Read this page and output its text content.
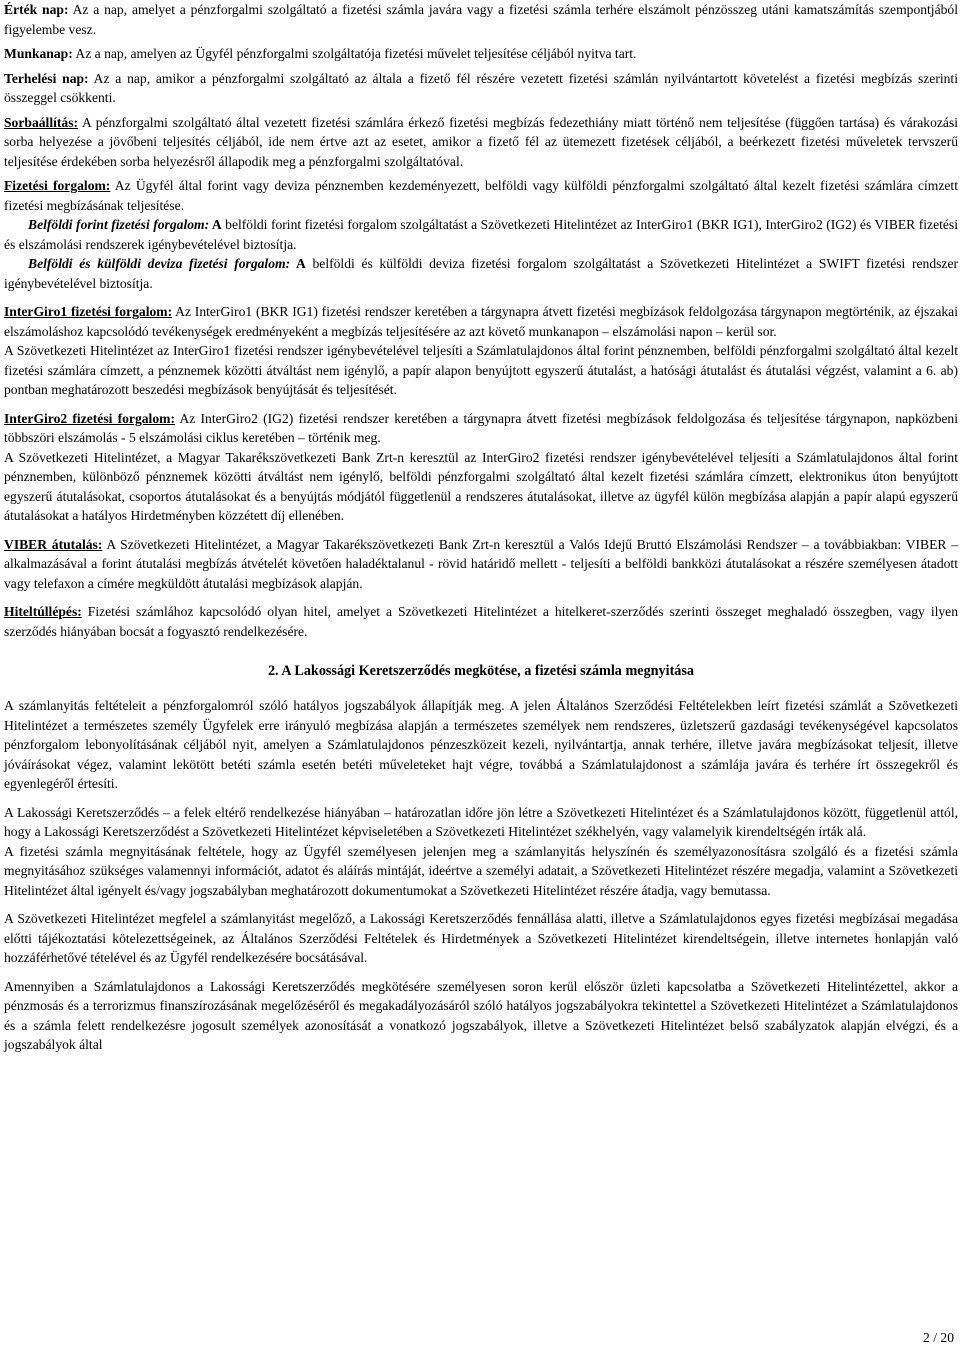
Érték nap: Az a nap, amelyet a pénzforgalmi szolgáltató a fizetési számla javára vagy a fizetési számla terhére elszámolt pénzösszeg utáni kamatszámítás szempontjából figyelembe vesz.

Munkanap: Az a nap, amelyen az Ügyfél pénzforgalmi szolgáltatója fizetési művelet teljesítése céljából nyitva tart.

Terhelési nap: Az a nap, amikor a pénzforgalmi szolgáltató az általa a fizető fél részére vezetett fizetési számlán nyilvántartott követelést a fizetési megbízás szerinti összeggel csökkenti.

Sorbaállítás: A pénzforgalmi szolgáltató által vezetett fizetési számlára érkező fizetési megbízás fedezethiány miatt történő nem teljesítése (függően tartása) és várakozási sorba helyezése a jövőbeni teljesítés céljából, ide nem értve azt az esetet, amikor a fizető fél az ütemezett fizetések céljából, a beérkezett fizetési műveletek tervszerű teljesítése érdekében sorba helyezésről állapodik meg a pénzforgalmi szolgáltatóval.

Fizetési forgalom: Az Ügyfél által forint vagy deviza pénznemben kezdeményezett, belföldi vagy külföldi pénzforgalmi szolgáltató által kezelt fizetési számlára címzett fizetési megbízásának teljesítése.

Belföldi forint fizetési forgalom: A belföldi forint fizetési forgalom szolgáltatást a Szövetkezeti Hitelintézet az InterGiro1 (BKR IG1), InterGiro2 (IG2) és VIBER fizetési és elszámolási rendszerek igénybevételével biztosítja.

Belföldi és külföldi deviza fizetési forgalom: A belföldi és külföldi deviza fizetési forgalom szolgáltatást a Szövetkezeti Hitelintézet a SWIFT fizetési rendszer igénybevételével biztosítja.

InterGiro1 fizetési forgalom: Az InterGiro1 (BKR IG1) fizetési rendszer keretében a tárgynapra átvett fizetési megbízások feldolgozása tárgynapon megtörténik, az éjszakai elszámoláshoz kapcsolódó tevékenységek eredményeként a megbízás teljesítésére az azt követő munkanapon – elszámolási napon – kerül sor.

A Szövetkezeti Hitelintézet az InterGiro1 fizetési rendszer igénybevételével teljesíti a Számlatulajdonos által forint pénznemben, belföldi pénzforgalmi szolgáltató által kezelt fizetési számlára címzett, a pénznemek közötti átváltást nem igénylő, a papír alapon benyújtott egyszerű átutalást, a hatósági átutalást és átutalási végzést, valamint a 6. ab) pontban meghatározott beszedési megbízások benyújtását és teljesítését.

InterGiro2 fizetési forgalom: Az InterGiro2 (IG2) fizetési rendszer keretében a tárgynapra átvett fizetési megbízások feldolgozása és teljesítése tárgynapon, napközbeni többszöri elszámolás - 5 elszámolási ciklus keretében – történik meg.

A Szövetkezeti Hitelintézet, a Magyar Takarékszövetkezeti Bank Zrt-n keresztül az InterGiro2 fizetési rendszer igénybevételével teljesíti a Számlatulajdonos által forint pénznemben, különböző pénznemek közötti átváltást nem igénylő, belföldi pénzforgalmi szolgáltató által kezelt fizetési számlára címzett, elektronikus úton benyújtott egyszerű átutalásokat, csoportos átutalásokat és a benyújtás módjától függetlenül a rendszeres átutalásokat, illetve az ügyfél külön megbízása alapján a papír alapú egyszerű átutalásokat a hatályos Hirdetményben közzétett díj ellenében.

VIBER átutalás: A Szövetkezeti Hitelintézet, a Magyar Takarékszövetkezeti Bank Zrt-n keresztül a Valós Idejű Bruttó Elszámolási Rendszer – a továbbiakban: VIBER – alkalmazásával a forint átutalási megbízás átvételét követően haladéktalanul - rövid határidő mellett - teljesíti a belföldi bankközi átutalásokat a részére személyesen átadott vagy telefaxon a címére megküldött átutalási megbízások alapján.

Hiteltúllépés: Fizetési számlához kapcsolódó olyan hitel, amelyet a Szövetkezeti Hitelintézet a hitelkeret-szerződés szerinti összeget meghaladó összegben, vagy ilyen szerződés hiányában bocsát a fogyasztó rendelkezésére.

2. A Lakossági Keretszerződés megkötése, a fizetési számla megnyitása

A számlanyitás feltételeit a pénzforgalomról szóló hatályos jogszabályok állapítják meg. A jelen Általános Szerződési Feltételekben leírt fizetési számlát a Szövetkezeti Hitelintézet a természetes személy Ügyfelek erre irányuló megbízása alapján a természetes személyek nem rendszeres, üzletszerű gazdasági tevékenységével kapcsolatos pénzforgalom lebonyolításának céljából nyit, amelyen a Számlatulajdonos pénzeszközeit kezeli, nyilvántartja, annak terhére, illetve javára megbízásokat teljesít, illetve jóváírásokat végez, valamint lekötött betéti számla esetén betéti műveleteket hajt végre, továbbá a Számlatulajdonost a számlája javára és terhére írt összegekről és egyenlegéről értesíti.

A Lakossági Keretszerződés – a felek eltérő rendelkezése hiányában – határozatlan időre jön létre a Szövetkezeti Hitelintézet és a Számlatulajdonos között, függetlenül attól, hogy a Lakossági Keretszerződést a Szövetkezeti Hitelintézet képviseletében a Szövetkezeti Hitelintézet székhelyén, vagy valamelyik kirendeltségén írták alá.

A fizetési számla megnyitásának feltétele, hogy az Ügyfél személyesen jelenjen meg a számlanyitás helyszínén és személyazonosításra szolgáló és a fizetési számla megnyitásához szükséges valamennyi információt, adatot és aláírás mintáját, ideértve a személyi adatait, a Szövetkezeti Hitelintézet részére megadja, valamint a Szövetkezeti Hitelintézet által igényelt és/vagy jogszabályban meghatározott dokumentumokat a Szövetkezeti Hitelintézet részére átadja, vagy bemutassa.

A Szövetkezeti Hitelintézet megfelel a számlanyitást megelőző, a Lakossági Keretszerződés fennállása alatti, illetve a Számlatulajdonos egyes fizetési megbízásai megadása előtti tájékoztatási kötelezettségeinek, az Általános Szerződési Feltételek és Hirdetmények a Szövetkezeti Hitelintézet kirendeltségein, illetve internetes honlapján való hozzáférhetővé tételével és az Ügyfél rendelkezésére bocsátásával.

Amennyiben a Számlatulajdonos a Lakossági Keretszerződés megkötésére személyesen soron kerül először üzleti kapcsolatba a Szövetkezeti Hitelintézettel, akkor a pénzmosás és a terrorizmus finanszírozásának megelőzéséről és megakadályozásáról szóló hatályos jogszabályokra tekintettel a Szövetkezeti Hitelintézet a Számlatulajdonos és a számla felett rendelkezésre jogosult személyek azonosítását a vonatkozó jogszabályok, illetve a Szövetkezeti Hitelintézet belső szabályzatok alapján elvégzi, és a jogszabályok által

2 / 20
